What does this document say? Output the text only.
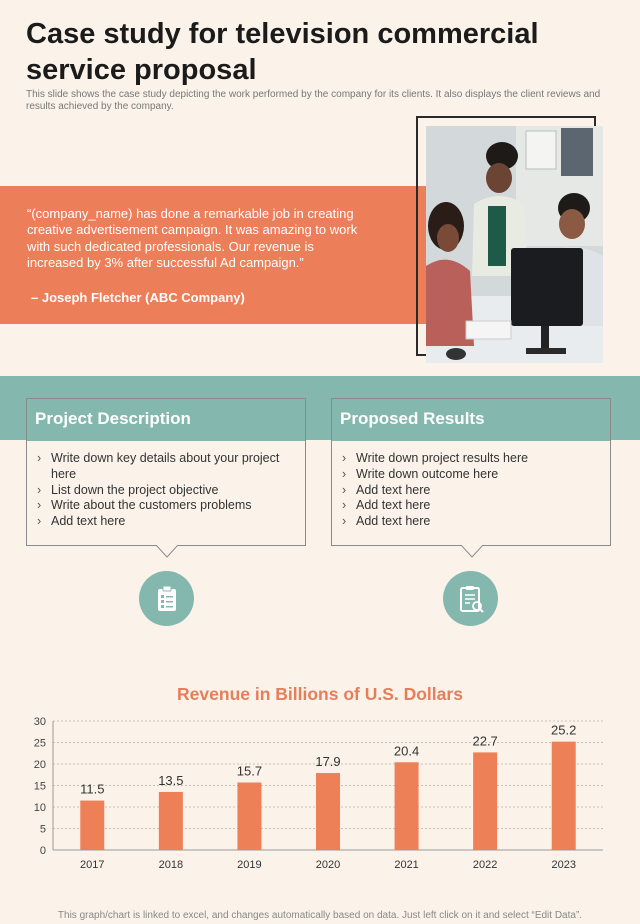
Case study for television commercial service proposal
This slide shows the case study depicting the work performed by the company for its clients. It also displays the client reviews and results achieved by the company.
“(company_name) has done a remarkable job in creating creative advertisement campaign. It was amazing to work with such dedicated professionals. Our revenue is increased by 3% after successful Ad campaign.”
– Joseph Fletcher (ABC Company)
Project Description
› Write down key details about your project here
› List down the project objective
› Write about the customers problems
› Add text here
Proposed Results
› Write down project results here
› Write down outcome here
› Add text here
› Add text here
› Add text here
Revenue in Billions of U.S. Dollars
0
5
10
15
20
25
30
11.5
2017
13.5
2018
15.7
2019
17.9
2020
20.4
2021
22.7
2022
25.2
2023
This graph/chart is linked to excel, and changes automatically based on data. Just left click on it and select “Edit Data”.
